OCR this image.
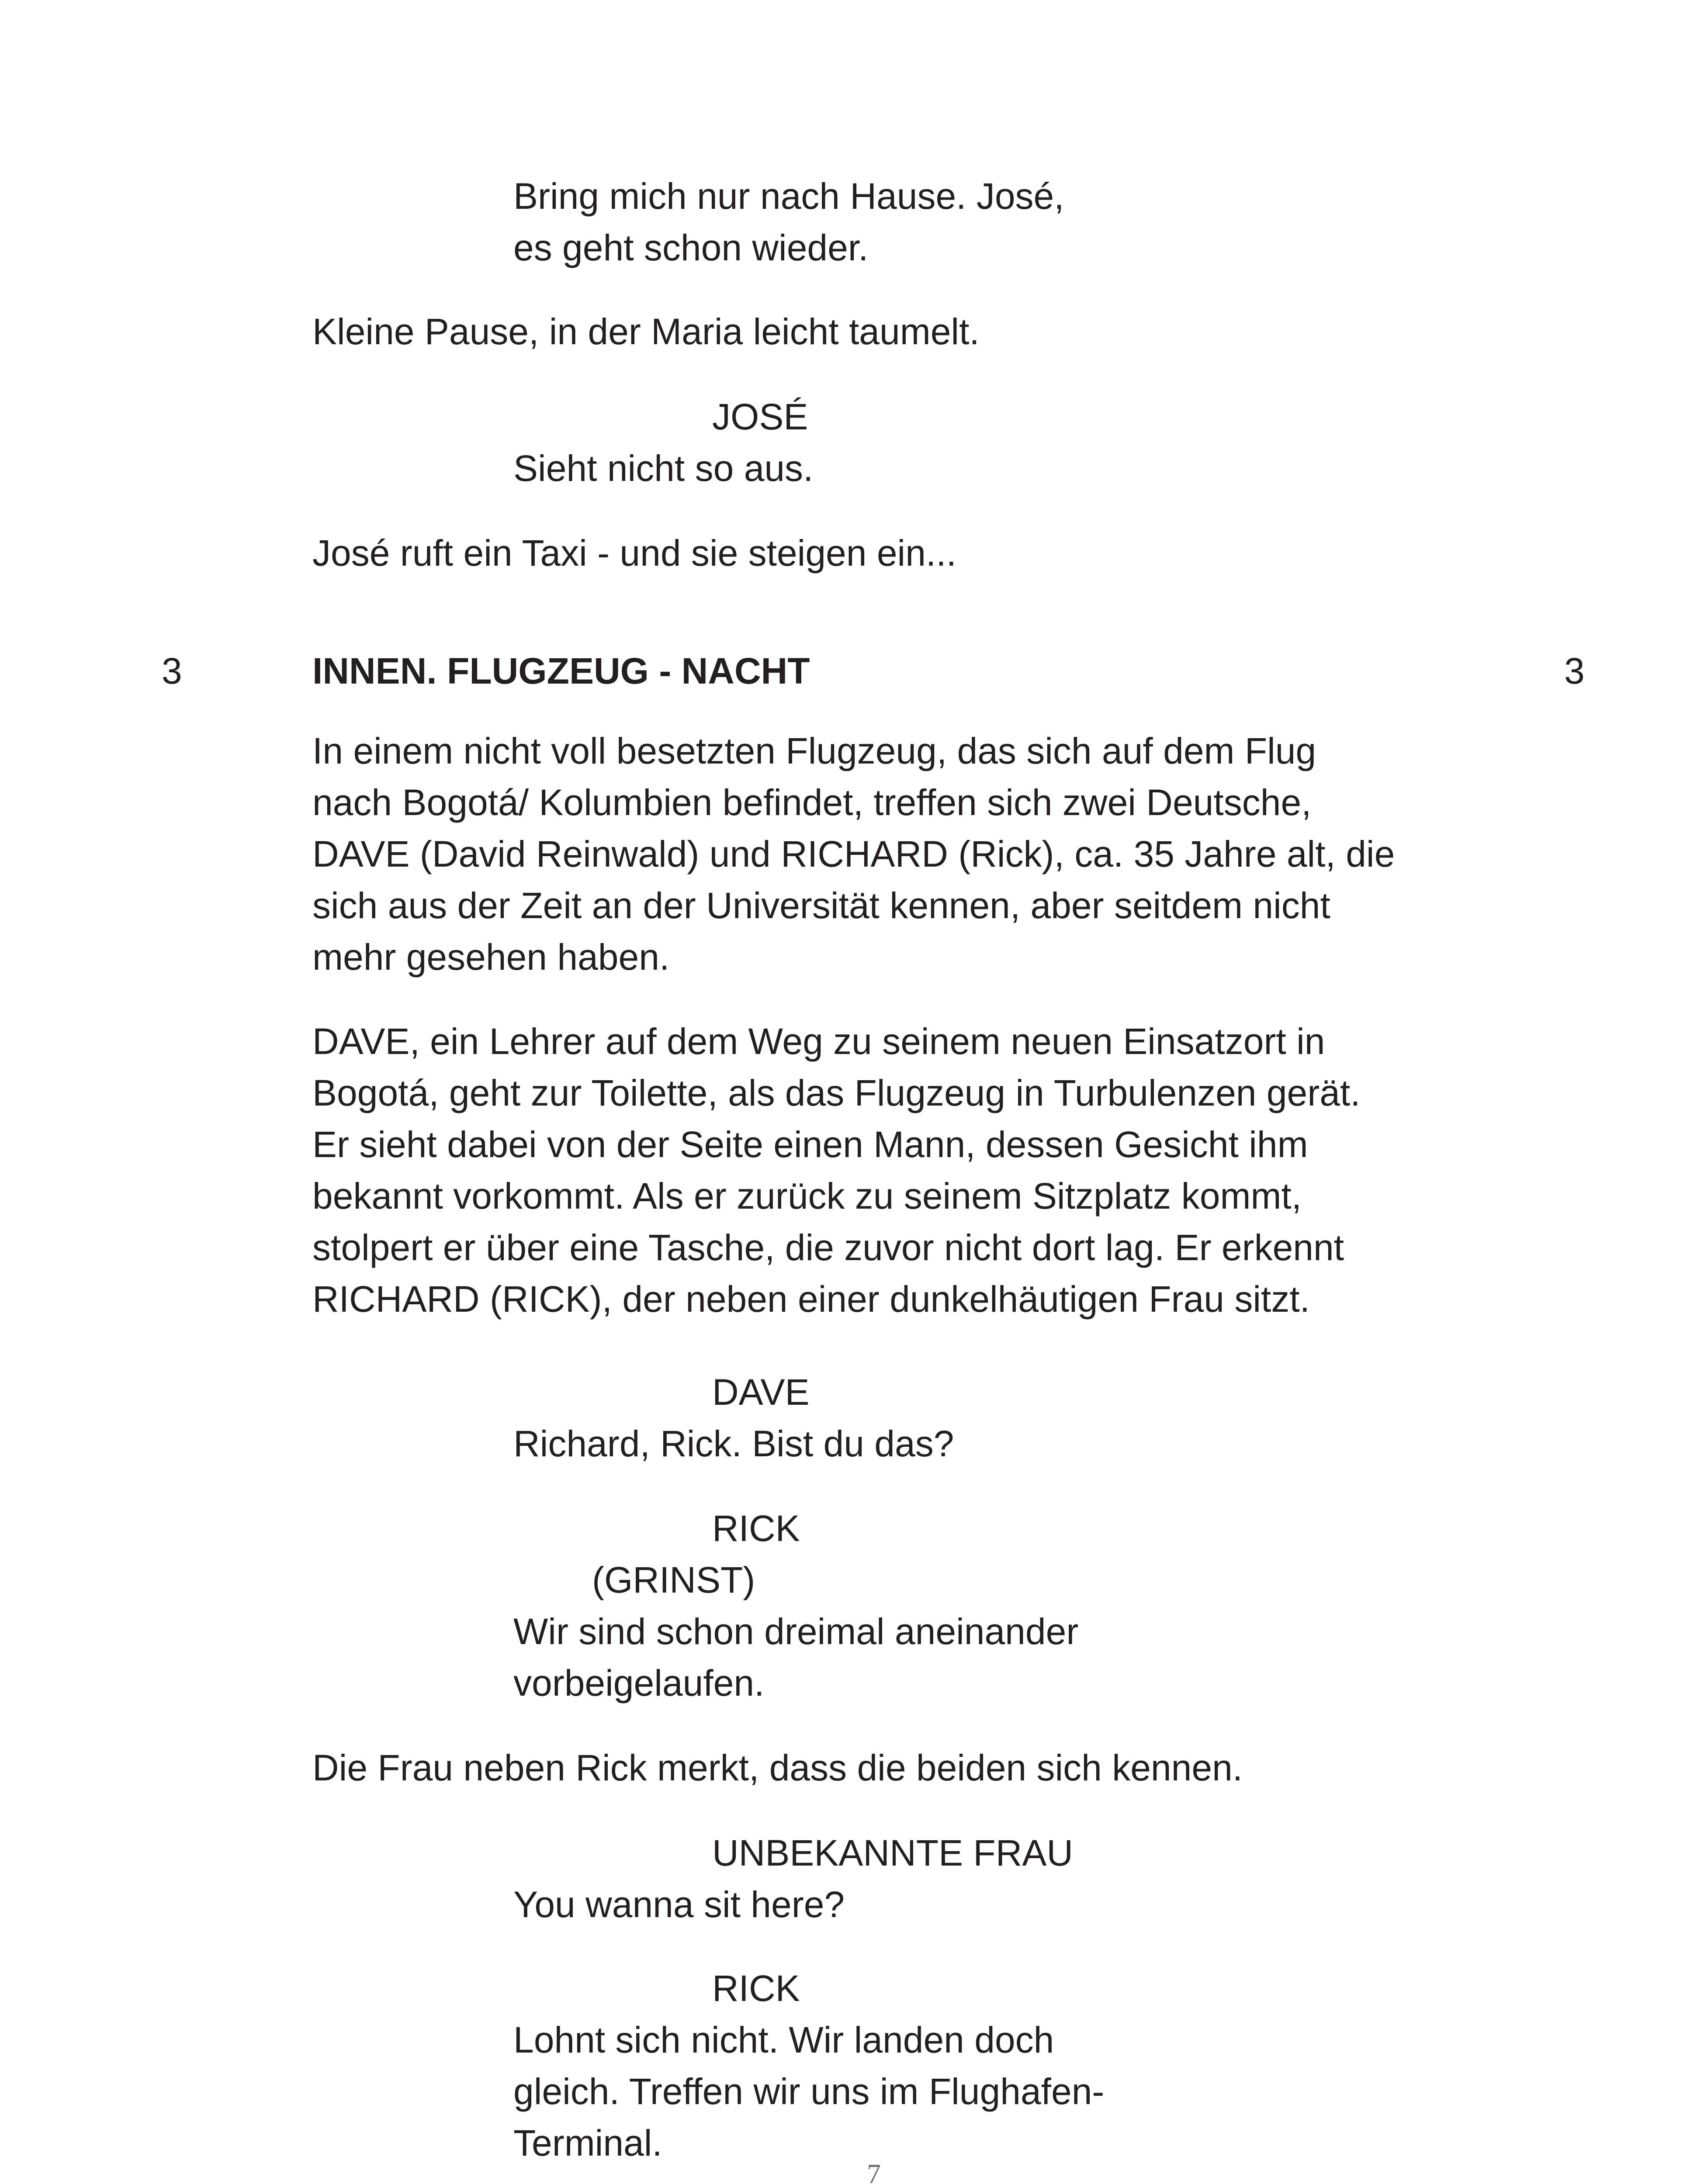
Bring mich nur nach Hause. José,

es geht schon wieder.

Kleine Pause, in der Maria leicht taumelt.

JOSÉ

Sieht nicht so aus.

José ruft ein Taxi - und sie steigen ein...

3	INNEN. FLUGZEUG - NACHT	3

In einem nicht voll besetzten Flugzeug, das sich auf dem Flug

nach Bogotá/ Kolumbien befindet, treffen sich zwei Deutsche,

DAVE (David Reinwald) und RICHARD (Rick), ca. 35 Jahre alt, die

sich aus der Zeit an der Universität kennen, aber seitdem nicht

mehr gesehen haben.

DAVE, ein Lehrer auf dem Weg zu seinem neuen Einsatzort in

Bogotá, geht zur Toilette, als das Flugzeug in Turbulenzen gerät.

Er sieht dabei von der Seite einen Mann, dessen Gesicht ihm

bekannt vorkommt. Als er zurück zu seinem Sitzplatz kommt,

stolpert er über eine Tasche, die zuvor nicht dort lag. Er erkennt

RICHARD (RICK), der neben einer dunkelhäutigen Frau sitzt.

DAVE

Richard, Rick. Bist du das?

RICK

(GRINST)

Wir sind schon dreimal aneinander

vorbeigelaufen.

Die Frau neben Rick merkt, dass die beiden sich kennen.

UNBEKANNTE FRAU

You wanna sit here?

RICK

Lohnt sich nicht. Wir landen doch

gleich. Treffen wir uns im Flughafen-

Terminal.

7
